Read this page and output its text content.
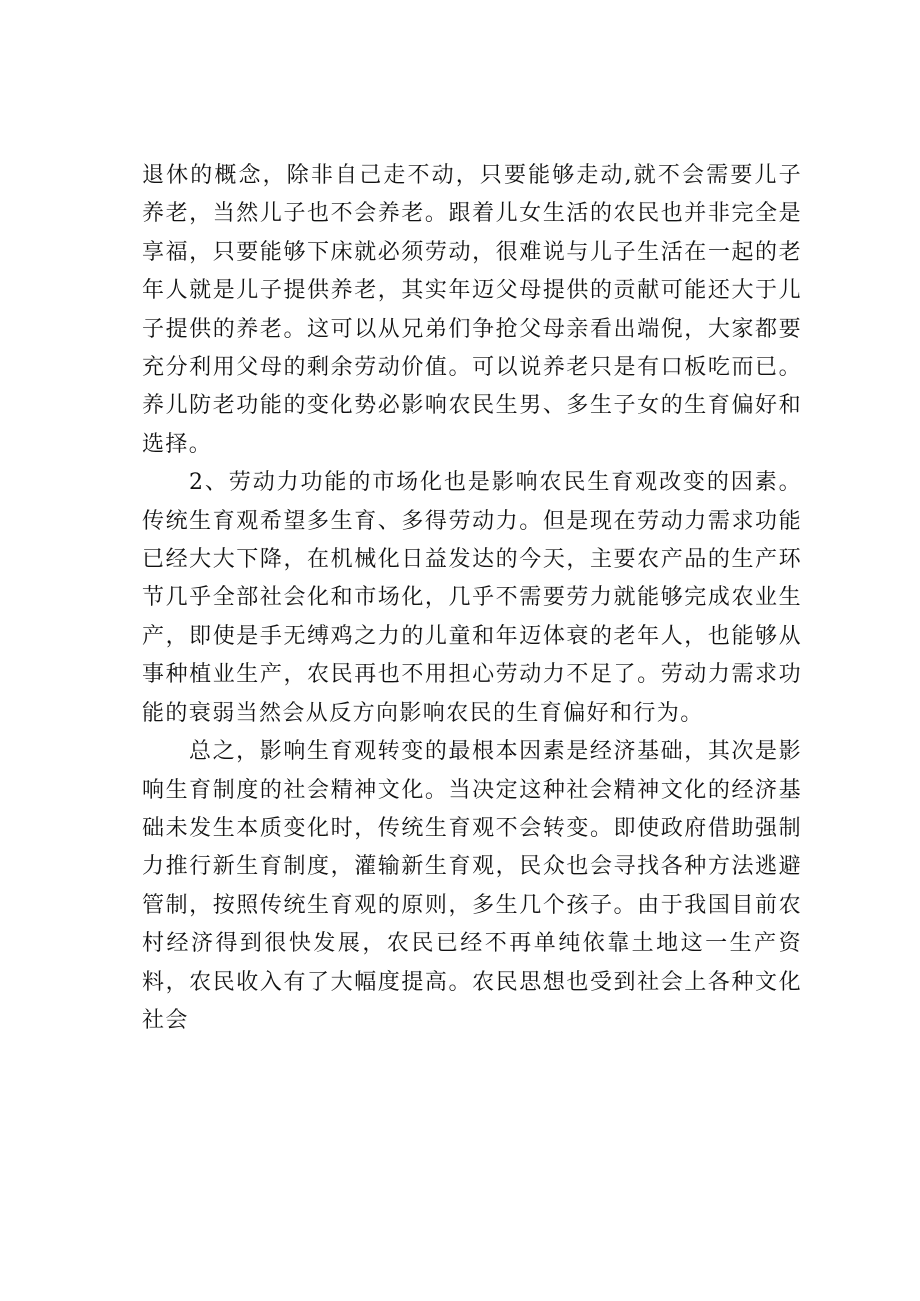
退休的概念，除非自己走不动，只要能够走动,就不会需要儿子养老，当然儿子也不会养老。跟着儿女生活的农民也并非完全是享福，只要能够下床就必须劳动，很难说与儿子生活在一起的老年人就是儿子提供养老，其实年迈父母提供的贡献可能还大于儿子提供的养老。这可以从兄弟们争抢父母亲看出端倪，大家都要充分利用父母的剩余劳动价值。可以说养老只是有口板吃而已。养儿防老功能的变化势必影响农民生男、多生子女的生育偏好和选择。

2、劳动力功能的市场化也是影响农民生育观改变的因素。传统生育观希望多生育、多得劳动力。但是现在劳动力需求功能已经大大下降，在机械化日益发达的今天，主要农产品的生产环节几乎全部社会化和市场化，几乎不需要劳力就能够完成农业生产，即使是手无缚鸡之力的儿童和年迈体衰的老年人，也能够从事种植业生产，农民再也不用担心劳动力不足了。劳动力需求功能的衰弱当然会从反方向影响农民的生育偏好和行为。

总之，影响生育观转变的最根本因素是经济基础，其次是影响生育制度的社会精神文化。当决定这种社会精神文化的经济基础未发生本质变化时，传统生育观不会转变。即使政府借助强制力推行新生育制度，灌输新生育观，民众也会寻找各种方法逃避管制，按照传统生育观的原则，多生几个孩子。由于我国目前农村经济得到很快发展，农民已经不再单纯依靠土地这一生产资料，农民收入有了大幅度提高。农民思想也受到社会上各种文化社会
